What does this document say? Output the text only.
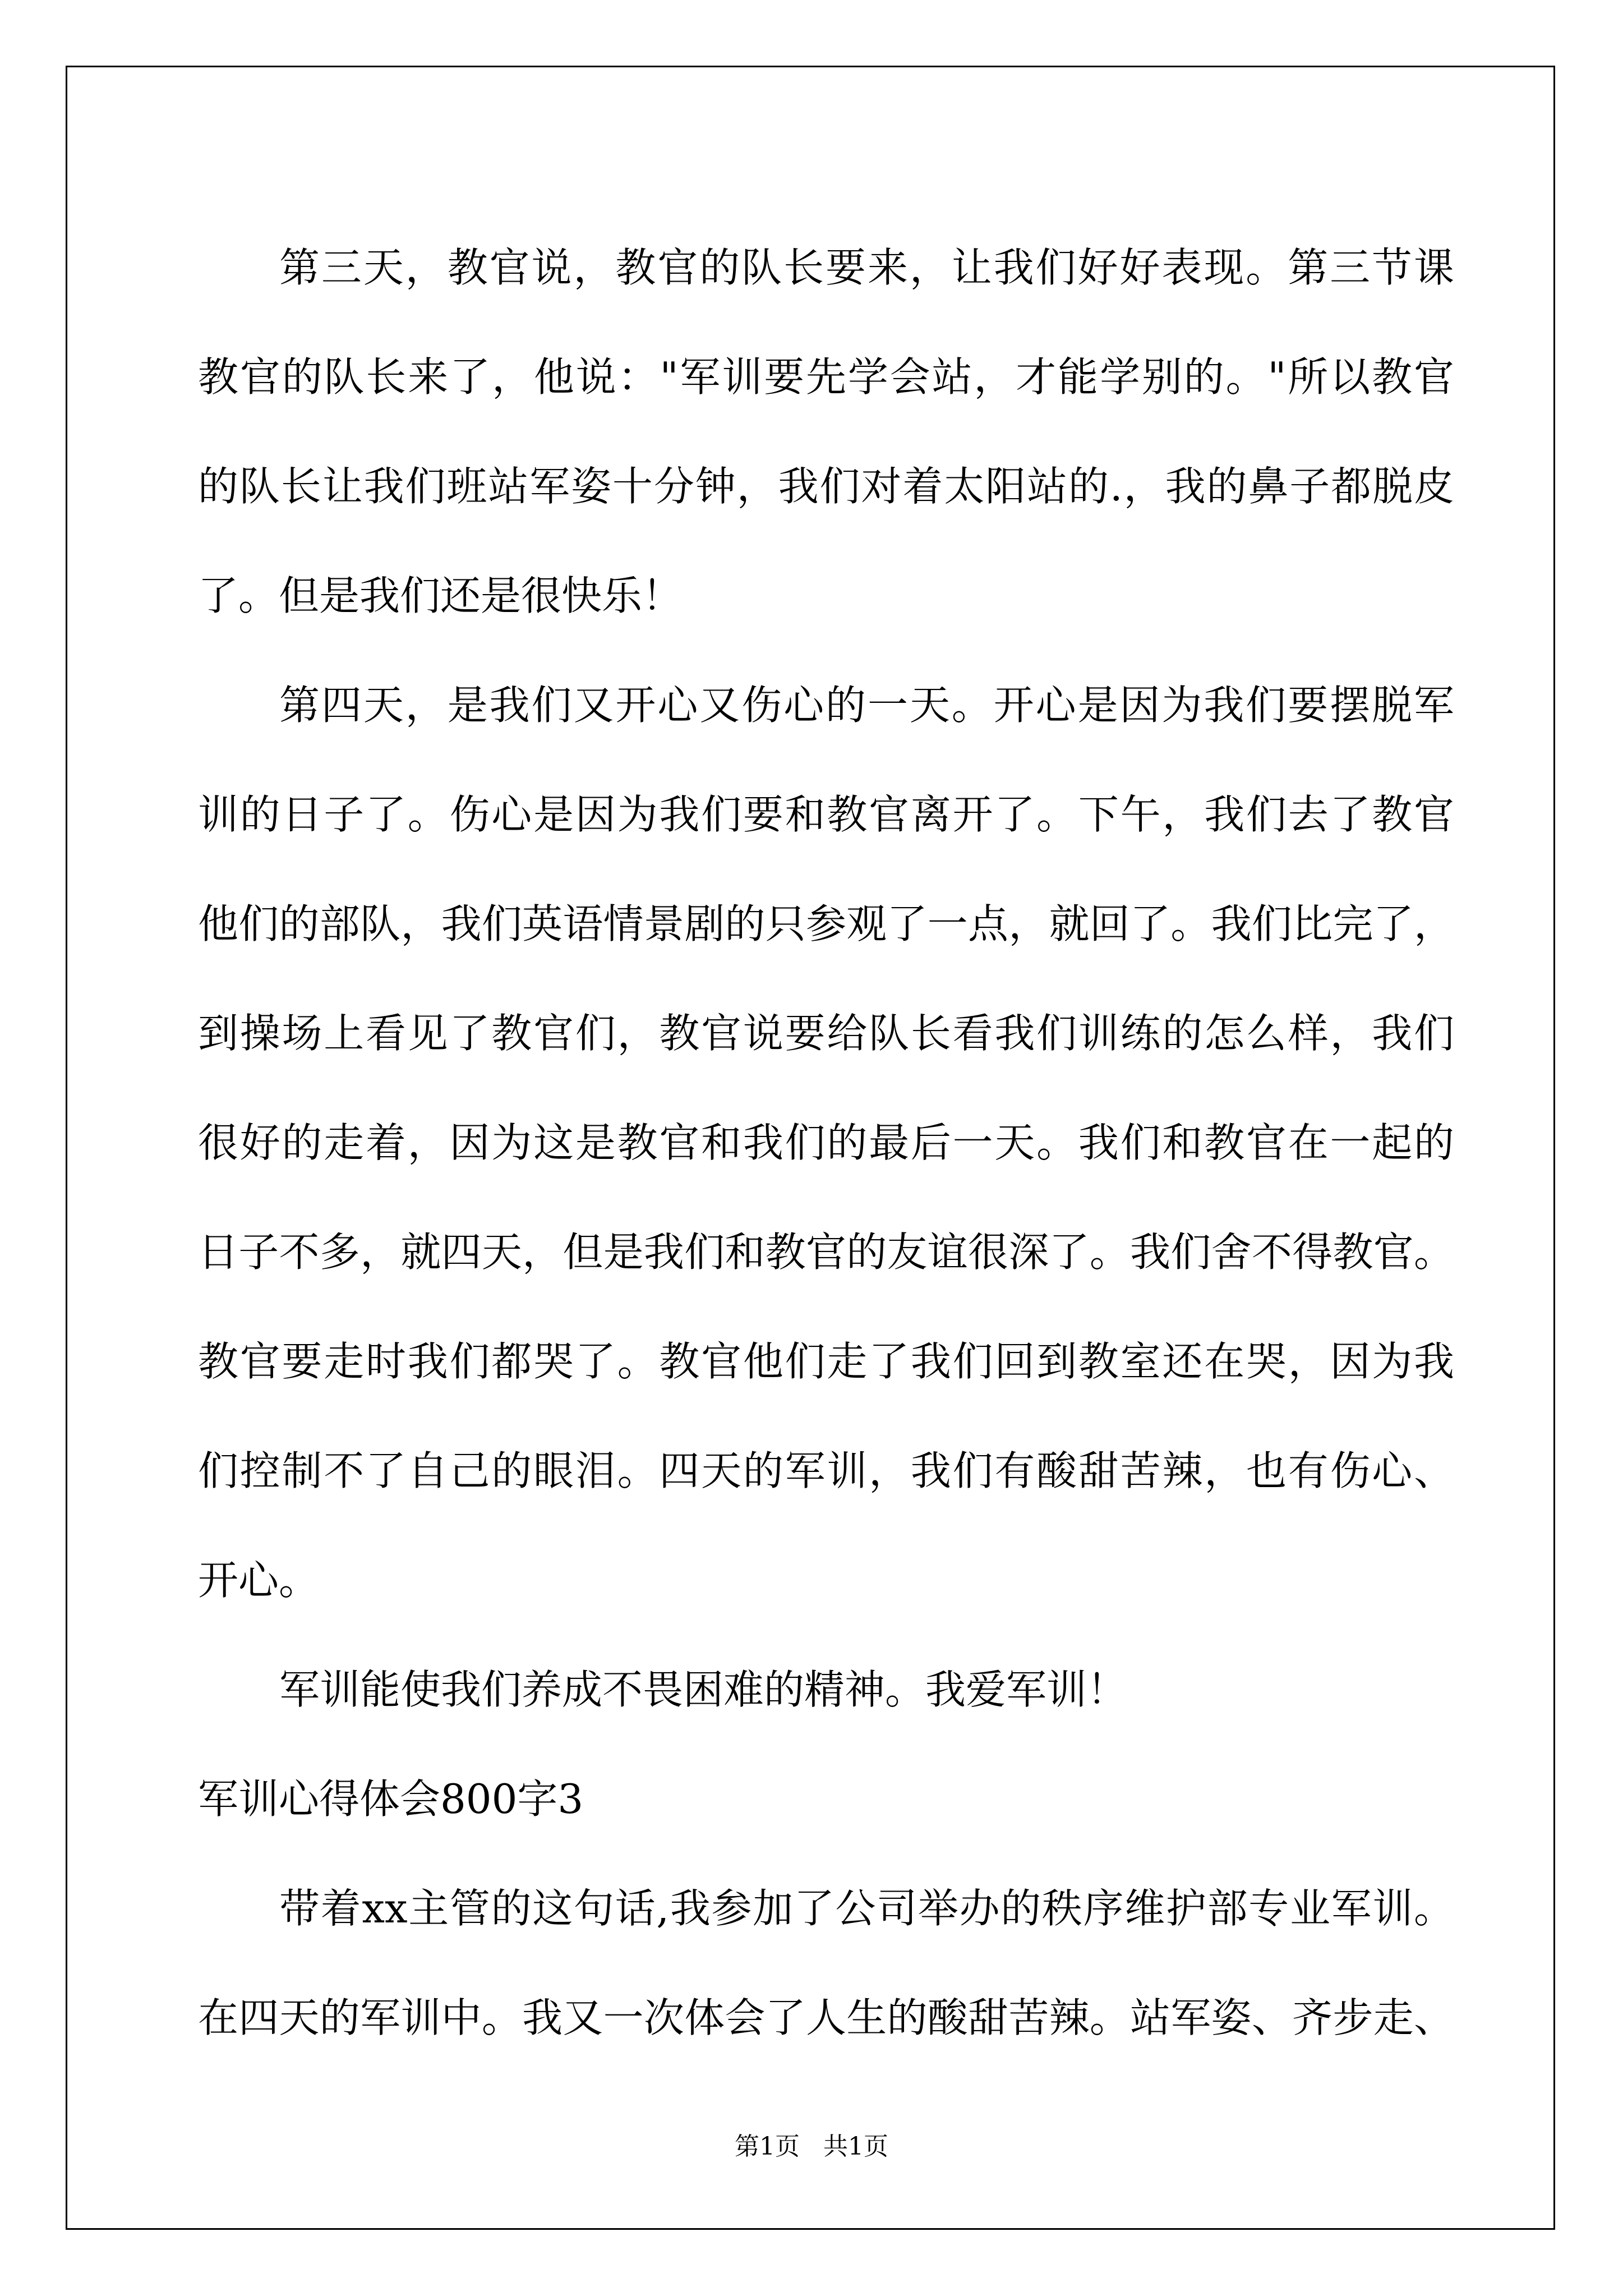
第三天，教官说，教官的队长要来，让我们好好表现。第三节课
教官的队长来了，他说："军训要先学会站，才能学别的。"所以教官
的队长让我们班站军姿十分钟，我们对着太阳站的.，我的鼻子都脱皮
了。但是我们还是很快乐！
第四天，是我们又开心又伤心的一天。开心是因为我们要摆脱军
训的日子了。伤心是因为我们要和教官离开了。下午，我们去了教官
他们的部队，我们英语情景剧的只参观了一点，就回了。我们比完了，
到操场上看见了教官们，教官说要给队长看我们训练的怎么样，我们
很好的走着，因为这是教官和我们的最后一天。我们和教官在一起的
日子不多，就四天，但是我们和教官的友谊很深了。我们舍不得教官。
教官要走时我们都哭了。教官他们走了我们回到教室还在哭，因为我
们控制不了自己的眼泪。四天的军训，我们有酸甜苦辣，也有伤心、
开心。
军训能使我们养成不畏困难的精神。我爱军训！
军训心得体会800字3
带着xx主管的这句话,我参加了公司举办的秩序维护部专业军训。
在四天的军训中。我又一次体会了人生的酸甜苦辣。站军姿、齐步走、
第1页   共1页
